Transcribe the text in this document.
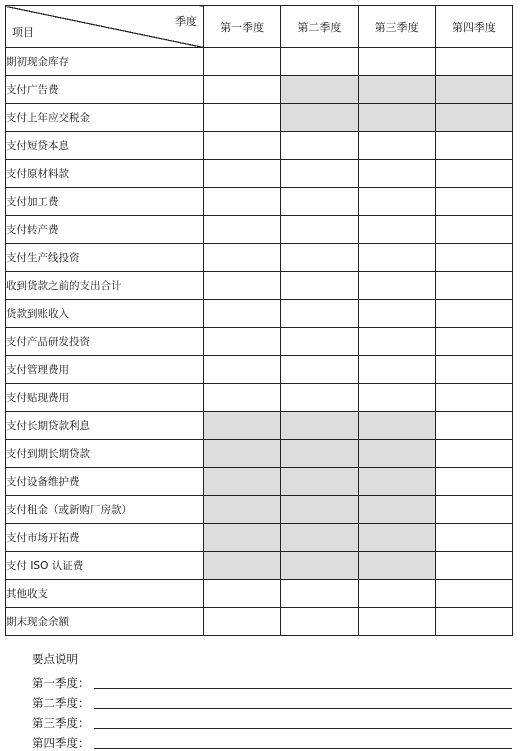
季度
项目	第一季度	第二季度	第三季度	第四季度
期初现金库存				
支付广告费				
支付上年应交税金				
支付短贷本息				
支付原材料款				
支付加工费				
支付转产费				
支付生产线投资				
收到货款之前的支出合计				
货款到账收入				
支付产品研发投资				
支付管理费用				
支付贴现费用				
支付长期贷款利息				
支付到期长期贷款				
支付设备维护费				
支付租金（或新购厂房款）				
支付市场开拓费				
支付 ISO 认证费				
其他收支				
期末现金余额				
要点说明
第一季度：
第二季度：
第三季度：
第四季度：
